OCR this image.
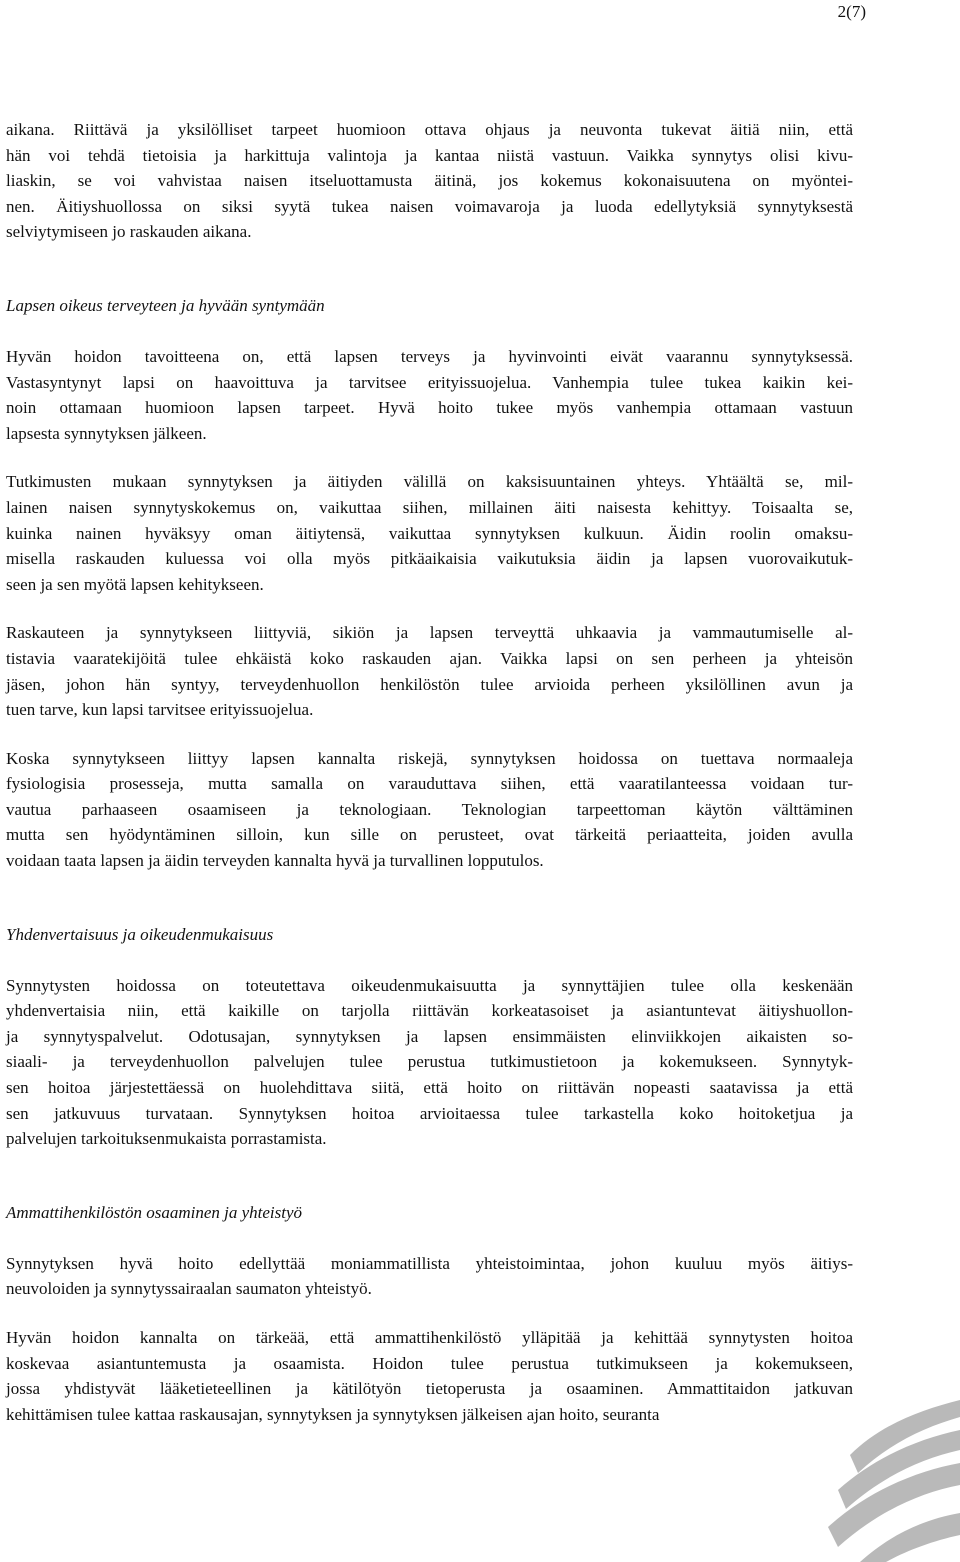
2(7)

aikana. Riittävä ja yksilölliset tarpeet huomioon ottava ohjaus ja neuvonta tukevat äitiä niin, että
hän voi tehdä tietoisia ja harkittuja valintoja ja kantaa niistä vastuun. Vaikka synnytys olisi kivu-
liaskin, se voi vahvistaa naisen itseluottamusta äitinä, jos kokemus kokonaisuutena on myöntei-
nen. Äitiyshuollossa on siksi syytä tukea naisen voimavaroja ja luoda edellytyksiä synnytyksestä
selviytymiseen jo raskauden aikana.

Lapsen oikeus terveyteen ja hyvään syntymään

Hyvän hoidon tavoitteena on, että lapsen terveys ja hyvinvointi eivät vaarannu synnytyksessä.
Vastasyntynyt lapsi on haavoittuva ja tarvitsee erityissuojelua. Vanhempia tulee tukea kaikin kei-
noin ottamaan huomioon lapsen tarpeet. Hyvä hoito tukee myös vanhempia ottamaan vastuun
lapsesta synnytyksen jälkeen.

Tutkimusten mukaan synnytyksen ja äitiyden välillä on kaksisuuntainen yhteys. Yhtäältä se, mil-
lainen naisen synnytyskokemus on, vaikuttaa siihen, millainen äiti naisesta kehittyy. Toisaalta se,
kuinka nainen hyväksyy oman äitiytensä, vaikuttaa synnytyksen kulkuun. Äidin roolin omaksu-
misella raskauden kuluessa voi olla myös pitkäaikaisia vaikutuksia äidin ja lapsen vuorovaikutuk-
seen ja sen myötä lapsen kehitykseen.

Raskauteen ja synnytykseen liittyviä, sikiön ja lapsen terveyttä uhkaavia ja vammautumiselle al-
tistavia vaaratekijöitä tulee ehkäistä koko raskauden ajan. Vaikka lapsi on sen perheen ja yhteisön
jäsen, johon hän syntyy, terveydenhuollon henkilöstön tulee arvioida perheen yksilöllinen avun ja
tuen tarve, kun lapsi tarvitsee erityissuojelua.

Koska synnytykseen liittyy lapsen kannalta riskejä, synnytyksen hoidossa on tuettava normaaleja
fysiologisia prosesseja, mutta samalla on varauduttava siihen, että vaaratilanteessa voidaan tur-
vautua parhaaseen osaamiseen ja teknologiaan. Teknologian tarpeettoman käytön välttäminen
mutta sen hyödyntäminen silloin, kun sille on perusteet, ovat tärkeitä periaatteita, joiden avulla
voidaan taata lapsen ja äidin terveyden kannalta hyvä ja turvallinen lopputulos.

Yhdenvertaisuus ja oikeudenmukaisuus

Synnytysten hoidossa on toteutettava oikeudenmukaisuutta ja synnyttäjien tulee olla keskenään
yhdenvertaisia niin, että kaikille on tarjolla riittävän korkeatasoiset ja asiantuntevat äitiyshuollon-
ja synnytyspalvelut. Odotusajan, synnytyksen ja lapsen ensimmäisten elinviikkojen aikaisten so-
siaali- ja terveydenhuollon palvelujen tulee perustua tutkimustietoon ja kokemukseen. Synnytyk-
sen hoitoa järjestettäessä on huolehdittava siitä, että hoito on riittävän nopeasti saatavissa ja että
sen jatkuvuus turvataan. Synnytyksen hoitoa arvioitaessa tulee tarkastella koko hoitoketjua ja
palvelujen tarkoituksenmukaista porrastamista.

Ammattihenkilöstön osaaminen ja yhteistyö

Synnytyksen hyvä hoito edellyttää moniammatillista yhteistoimintaa, johon kuuluu myös äitiys-
neuvoloiden ja synnytyssairaalan saumaton yhteistyö.

Hyvän hoidon kannalta on tärkeää, että ammattihenkilöstö ylläpitää ja kehittää synnytysten hoitoa
koskevaa asiantuntemusta ja osaamista. Hoidon tulee perustua tutkimukseen ja kokemukseen,
jossa yhdistyvät lääketieteellinen ja kätilötyön tietoperusta ja osaaminen. Ammattitaidon jatkuvan
kehittämisen tulee kattaa raskausajan, synnytyksen ja synnytyksen jälkeisen ajan hoito, seuranta
